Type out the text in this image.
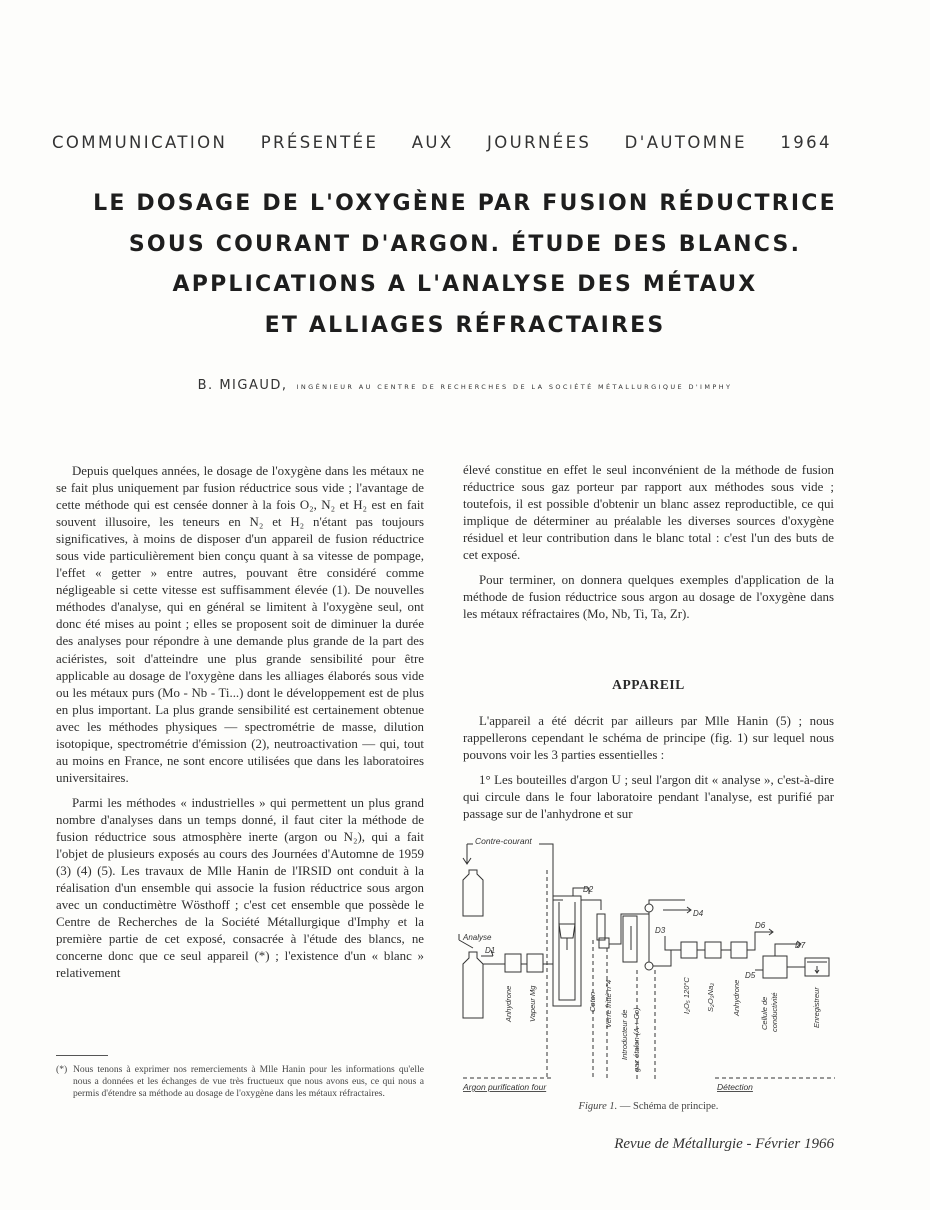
COMMUNICATION PRÉSENTÉE AUX JOURNÉES D'AUTOMNE 1964
LE DOSAGE DE L'OXYGÈNE PAR FUSION RÉDUCTRICE
SOUS COURANT D'ARGON. ÉTUDE DES BLANCS.
APPLICATIONS A L'ANALYSE DES MÉTAUX
ET ALLIAGES RÉFRACTAIRES
B. MIGAUD, INGÉNIEUR AU CENTRE DE RECHERCHES DE LA SOCIÉTÉ MÉTALLURGIQUE D'IMPHY

Depuis quelques années, le dosage de l'oxygène dans les métaux ne se fait plus uniquement par fusion réductrice sous vide ; l'avantage de cette méthode qui est censée donner à la fois O₂, N₂ et H₂ est en fait souvent illusoire, les teneurs en N₂ et H₂ n'étant pas toujours significatives, à moins de disposer d'un appareil de fusion réductrice sous vide particulièrement bien conçu quant à sa vitesse de pompage, l'effet « getter » entre autres, pouvant être considéré comme négligeable si cette vitesse est suffisamment élevée (1). De nouvelles méthodes d'analyse, qui en général se limitent à l'oxygène seul, ont donc été mises au point ; elles se proposent soit de diminuer la durée des analyses pour répondre à une demande plus grande de la part des aciéristes, soit d'atteindre une plus grande sensibilité pour être applicable au dosage de l'oxygène dans les alliages élaborés sous vide ou les métaux purs (Mo - Nb - Ti...) dont le développement est de plus en plus important. La plus grande sensibilité est certainement obtenue avec les méthodes physiques — spectrométrie de masse, dilution isotopique, spectrométrie d'émission (2), neutroactivation — qui, tout au moins en France, ne sont encore utilisées que dans les laboratoires universitaires.

Parmi les méthodes « industrielles » qui permettent un plus grand nombre d'analyses dans un temps donné, il faut citer la méthode de fusion réductrice sous atmosphère inerte (argon ou N₂), qui a fait l'objet de plusieurs exposés au cours des Journées d'Automne de 1959 (3) (4) (5). Les travaux de Mlle Hanin de l'IRSID ont conduit à la réalisation d'un ensemble qui associe la fusion réductrice sous argon avec un conductimètre Wösthoff ; c'est cet ensemble que possède le Centre de Recherches de la Société Métallurgique d'Imphy et la première partie de cet exposé, consacrée à l'étude des blancs, ne concerne donc que ce seul appareil (*) ; l'existence d'un « blanc » relativement

élevé constitue en effet le seul inconvénient de la méthode de fusion réductrice sous gaz porteur par rapport aux méthodes sous vide ; toutefois, il est possible d'obtenir un blanc assez reproductible, ce qui implique de déterminer au préalable les diverses sources d'oxygène résiduel et leur contribution dans le blanc total : c'est l'un des buts de cet exposé.

Pour terminer, on donnera quelques exemples d'application de la méthode de fusion réductrice sous argon au dosage de l'oxygène dans les métaux réfractaires (Mo, Nb, Ti, Ta, Zr).

APPAREIL

L'appareil a été décrit par ailleurs par Mlle Hanin (5) ; nous rappellerons cependant le schéma de principe (fig. 1) sur lequel nous pouvons voir les 3 parties essentielles :

1° Les bouteilles d'argon U ; seul l'argon dit « analyse », c'est-à-dire qui circule dans le four laboratoire pendant l'analyse, est purifié par passage sur de l'anhydrone et sur

(*) Nous tenons à exprimer nos remerciements à Mlle Hanin pour les informations qu'elle nous a données et les échanges de vue très fructueux que nous avons eus, ce qui nous a permis d'étendre sa méthode au dosage de l'oxygène dans les métaux réfractaires.
Contre-courant
Analyse
D1
Anhydrone Vapeur Mg
D2
Coton Verre fritté n°4
D4
Introducteur de gaz étalon (A + Co)
D3
I₂O₅ 120°C S₂O₃Na₂ Anhydrone
D6
D5
D7
Cellule de conductivité	Enregistreur
Argon purification four	Détection
Figure 1. — Schéma de principe.
Revue de Métallurgie - Février 1966
